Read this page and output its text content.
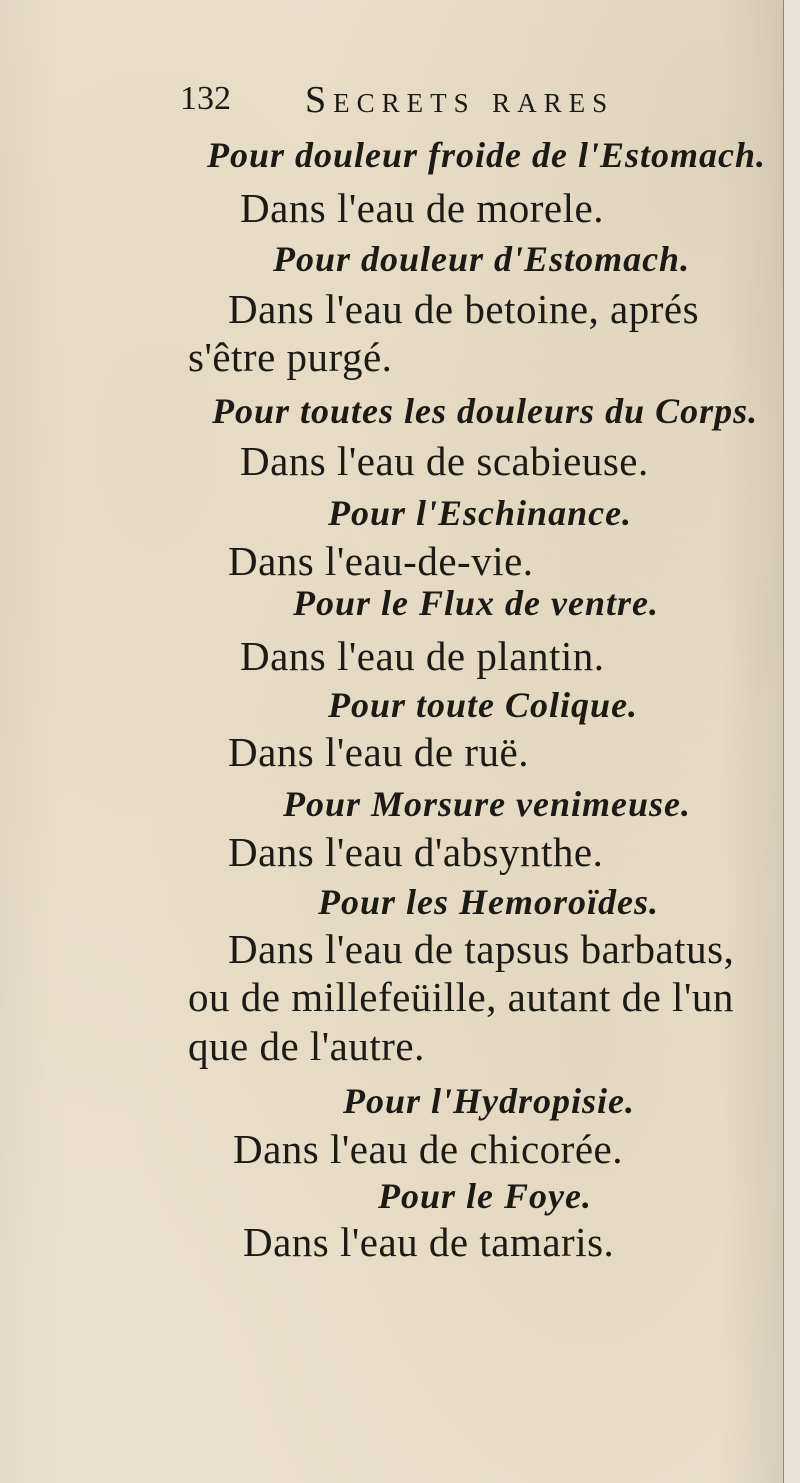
132 Secrets rares
Pour douleur froide de l'Estomach.
Dans l'eau de morele.
Pour douleur d'Estomach.
Dans l'eau de betoine, aprés
s'être purgé.
Pour toutes les douleurs du Corps.
Dans l'eau de scabieuse.
Pour l'Eschinance.
Dans l'eau-de-vie.
Pour le Flux de ventre.
Dans l'eau de plantin.
Pour toute Colique.
Dans l'eau de ruë.
Pour Morsure venimeuse.
Dans l'eau d'absynthe.
Pour les Hemoroïdes.
Dans l'eau de tapsus barbatus,
ou de millefeüille, autant de l'un
que de l'autre.
Pour l'Hydropisie.
Dans l'eau de chicorée.
Pour le Foye.
Dans l'eau de tamaris.
